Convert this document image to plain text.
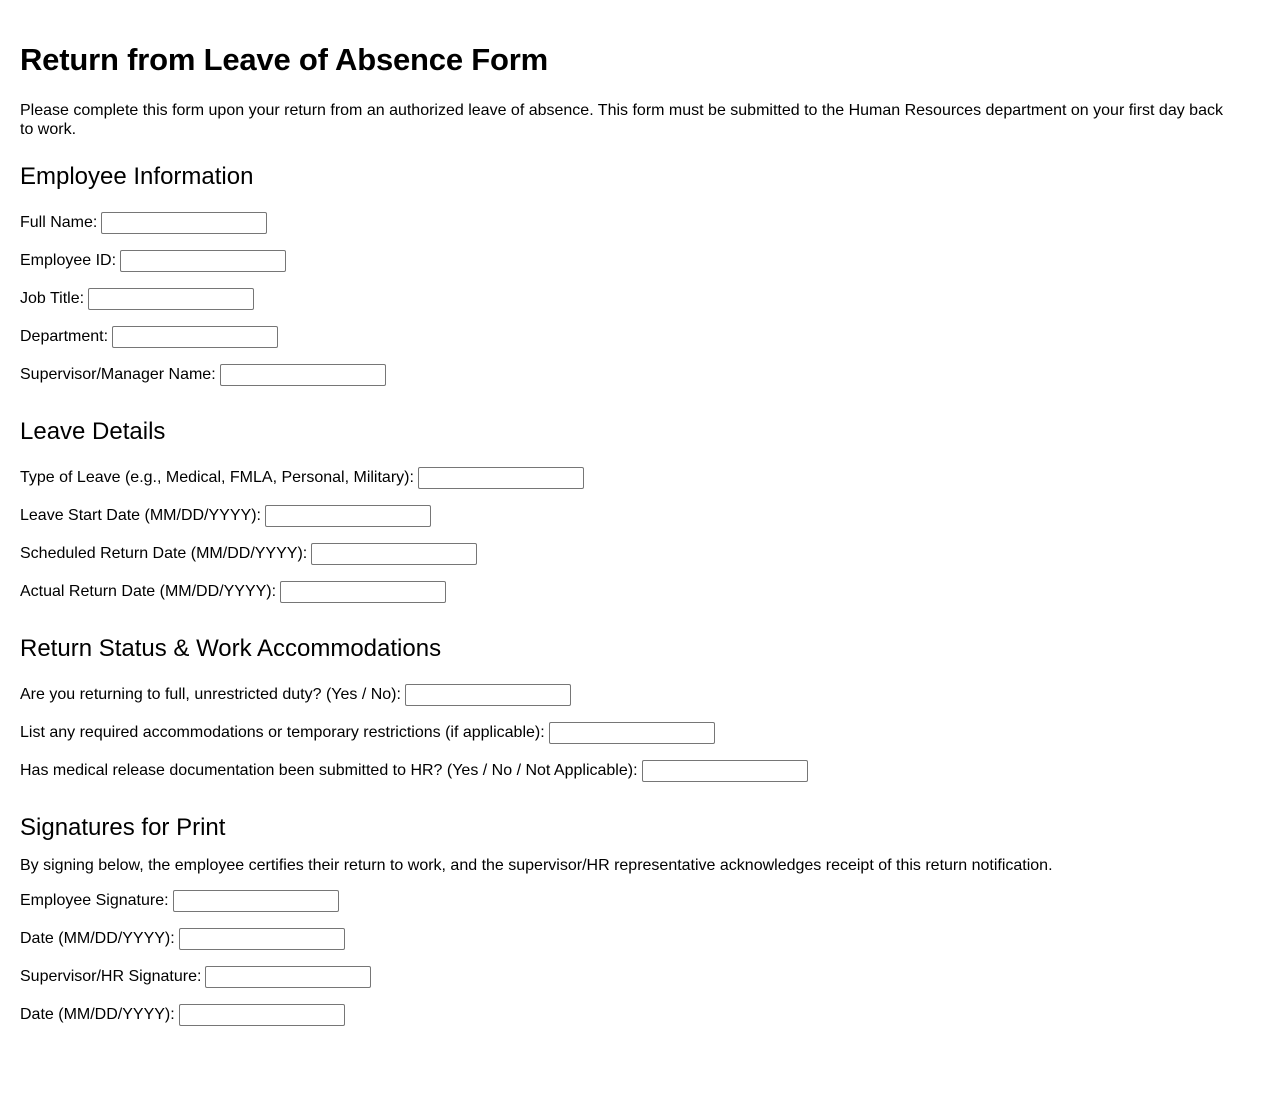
Return from Leave of Absence Form

Please complete this form upon your return from an authorized leave of absence. This form must be submitted to the Human Resources department on your first day back to work.

Employee Information
Full Name:
Employee ID:
Job Title:
Department:
Supervisor/Manager Name:
Leave Details
Type of Leave (e.g., Medical, FMLA, Personal, Military):
Leave Start Date (MM/DD/YYYY):
Scheduled Return Date (MM/DD/YYYY):
Actual Return Date (MM/DD/YYYY):
Return Status & Work Accommodations
Are you returning to full, unrestricted duty? (Yes / No):
List any required accommodations or temporary restrictions (if applicable):
Has medical release documentation been submitted to HR? (Yes / No / Not Applicable):
Signatures for Print

By signing below, the employee certifies their return to work, and the supervisor/HR representative acknowledges receipt of this return notification.

Employee Signature:
Date (MM/DD/YYYY):
Supervisor/HR Signature:
Date (MM/DD/YYYY):
